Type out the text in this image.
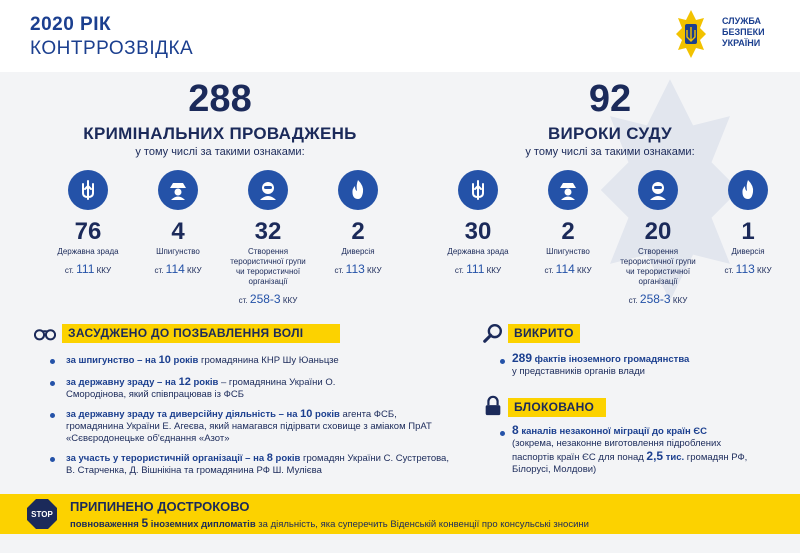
2020 РІК
КОНТРРОЗВІДКА
СЛУЖБА
БЕЗПЕКИ
УКРАЇНИ
288
КРИМІНАЛЬНИХ ПРОВАДЖЕНЬ
у тому числі за такими ознаками:
92
ВИРОКИ СУДУ
у тому числі за такими ознаками:
76
Державна зрада
ст. 111 ККУ
4
Шпигунство
ст. 114 ККУ
32
Створення терористичної групи чи терористичної організації
ст. 258-3 ККУ
2
Диверсія
ст. 113 ККУ
30
Державна зрада
ст. 111 ККУ
2
Шпигунство
ст. 114 ККУ
20
Створення терористичної групи чи терористичної організації
ст. 258-3 ККУ
1
Диверсія
ст. 113 ККУ
ЗАСУДЖЕНО ДО ПОЗБАВЛЕННЯ ВОЛІ
за шпигунство – на 10 років громадянина КНР Шу Юаньцзе
за державну зраду – на 12 років – громадянина України О. Смородінова, який співпрацював із ФСБ
за державну зраду та диверсійну діяльність – на 10 років агента ФСБ, громадянина України Е. Агеєва, який намагався підірвати сховище з аміаком ПрАТ «Сєвєродонецьке об'єднання «Азот»
за участь у терористичній організації – на 8 років громадян України С. Сустретова, В. Старченка, Д. Вішнікіна та громадянина РФ Ш. Мулієва
ВИКРИТО
289 фактів іноземного громадянства
у представників органів влади
БЛОКОВАНО
8 каналів незаконної міграції до країн ЄС
(зокрема, незаконне виготовлення підроблених паспортів країн ЄС для понад 2,5 тис. громадян РФ, Білорусі, Молдови)
STOP
ПРИПИНЕНО ДОСТРОКОВО
повноваження 5 іноземних дипломатів за діяльність, яка суперечить Віденській конвенції про консульські зносини
